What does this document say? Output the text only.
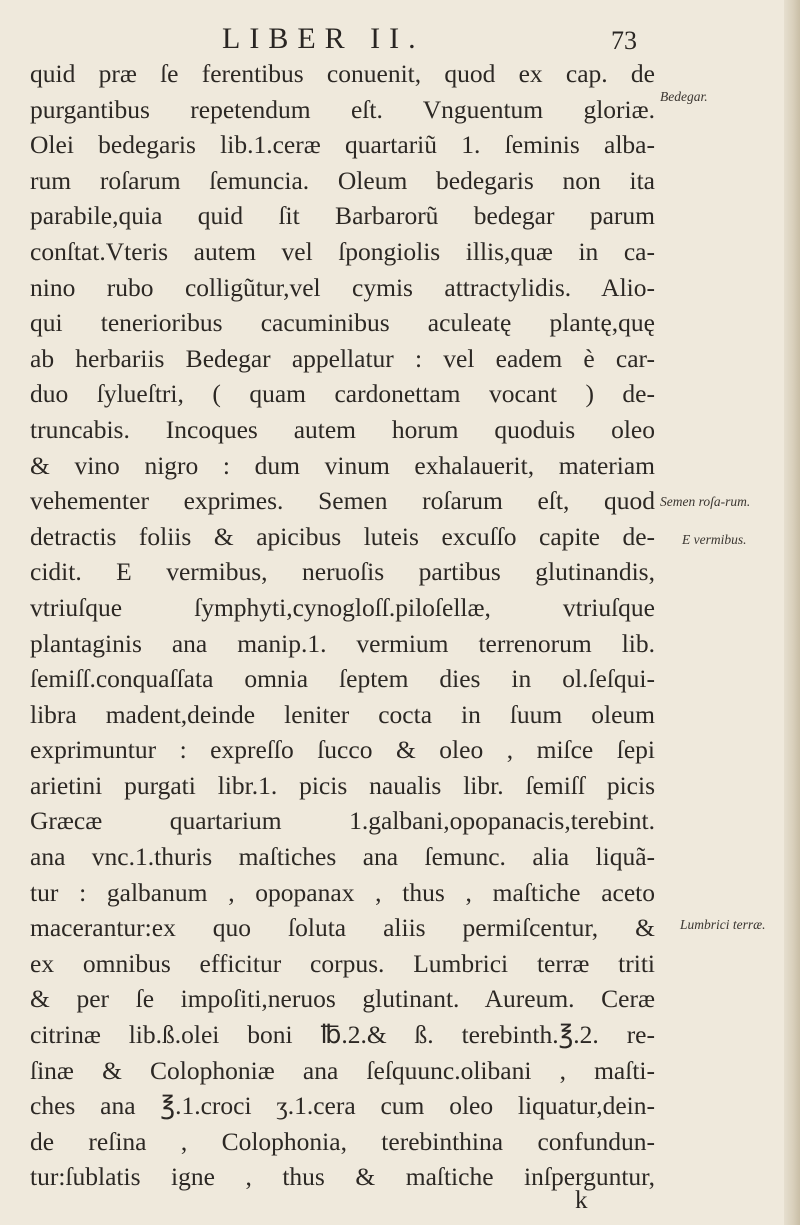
LIBER II.	73
quid præ ſe ferentibus conuenit, quod ex cap. de
purgantibus repetendum eſt. Vnguentum gloriæ.
Olei bedegaris lib.1.ceræ quartariũ 1. ſeminis alba-
rum roſarum ſemuncia. Oleum bedegaris non ita
parabile,quia quid ſit Barbarorũ bedegar parum
conſtat.Vteris autem vel ſpongiolis illis,quæ in ca-
nino rubo colligũtur,vel cymis attractylidis. Alio-
qui tenerioribus cacuminibus aculeatę plantę,quę
ab herbariis Bedegar appellatur : vel eadem è car-
duo ſylueſtri, ( quam cardonettam vocant ) de-
truncabis. Incoques autem horum quoduis oleo
& vino nigro : dum vinum exhalauerit, materiam
vehementer exprimes. Semen roſarum eſt, quod
detractis foliis & apicibus luteis excuſſo capite de-
cidit. E vermibus, neruoſis partibus glutinandis,
vtriuſque ſymphyti,cynogloſſ.piloſellæ, vtriuſque
plantaginis ana manip.1. vermium terrenorum lib.
ſemiſſ.conquaſſata omnia ſeptem dies in ol.ſeſqui-
libra madent,deinde leniter cocta in ſuum oleum
exprimuntur : expreſſo ſucco & oleo , miſce ſepi
arietini purgati libr.1. picis naualis libr. ſemiſſ picis
Græcæ quartarium 1.galbani,opopanacis,terebint.
ana vnc.1.thuris maſtiches ana ſemunc. alia liquã-
tur : galbanum , opopanax , thus , maſtiche aceto
macerantur:ex quo ſoluta aliis permiſcentur, &
ex omnibus efficitur corpus. Lumbrici terræ triti
& per ſe impoſiti,neruos glutinant. Aureum. Ceræ
citrinæ lib.ß.olei boni ℔.2.& ß. terebinth.℥.2. re-
ſinæ & Colophoniæ ana ſeſquunc.olibani , maſti-
ches ana ℥.1.croci ʒ.1.cera cum oleo liquatur,dein-
de reſina , Colophonia, terebinthina confundun-
tur:ſublatis igne , thus & maſtiche inſperguntur,
k
Bedegar.
Semen roſa-rum.
E vermibus.
Lumbrici terræ.
